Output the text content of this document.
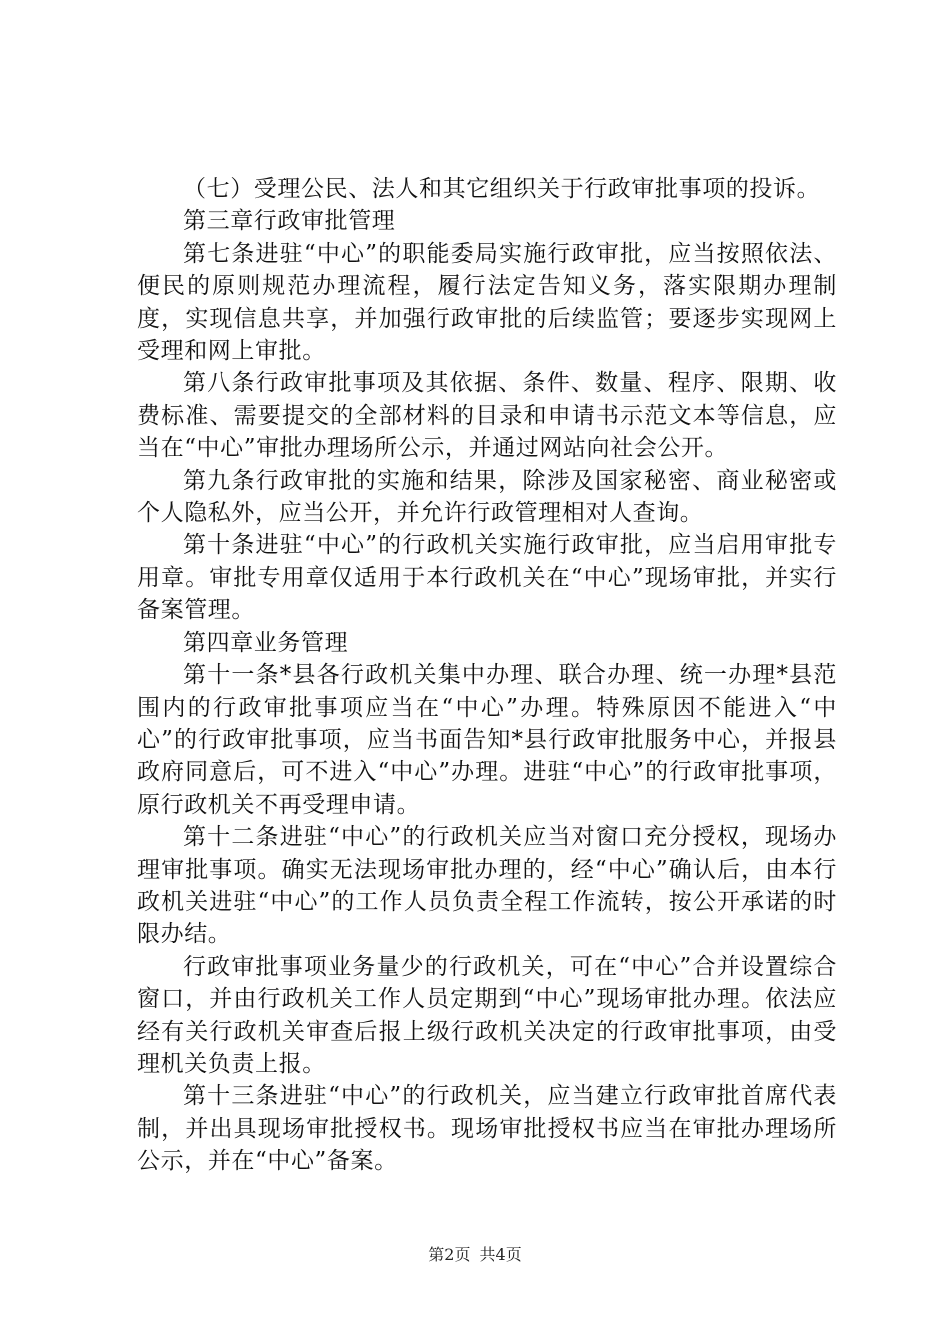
（七）受理公民、法人和其它组织关于行政审批事项的投诉。

第三章行政审批管理

第七条进驻“中心”的职能委局实施行政审批，应当按照依法、便民的原则规范办理流程，履行法定告知义务，落实限期办理制度，实现信息共享，并加强行政审批的后续监管；要逐步实现网上受理和网上审批。

第八条行政审批事项及其依据、条件、数量、程序、限期、收费标准、需要提交的全部材料的目录和申请书示范文本等信息，应当在“中心”审批办理场所公示，并通过网站向社会公开。

第九条行政审批的实施和结果，除涉及国家秘密、商业秘密或个人隐私外，应当公开，并允许行政管理相对人查询。

第十条进驻“中心”的行政机关实施行政审批，应当启用审批专用章。审批专用章仅适用于本行政机关在“中心”现场审批，并实行备案管理。

第四章业务管理

第十一条*县各行政机关集中办理、联合办理、统一办理*县范围内的行政审批事项应当在“中心”办理。特殊原因不能进入“中心”的行政审批事项，应当书面告知*县行政审批服务中心，并报县政府同意后，可不进入“中心”办理。进驻“中心”的行政审批事项，原行政机关不再受理申请。

第十二条进驻“中心”的行政机关应当对窗口充分授权，现场办理审批事项。确实无法现场审批办理的，经“中心”确认后，由本行政机关进驻“中心”的工作人员负责全程工作流转，按公开承诺的时限办结。

行政审批事项业务量少的行政机关，可在“中心”合并设置综合窗口，并由行政机关工作人员定期到“中心”现场审批办理。依法应经有关行政机关审查后报上级行政机关决定的行政审批事项，由受理机关负责上报。

第十三条进驻“中心”的行政机关，应当建立行政审批首席代表制，并出具现场审批授权书。现场审批授权书应当在审批办理场所公示，并在“中心”备案。

第2页 共4页
